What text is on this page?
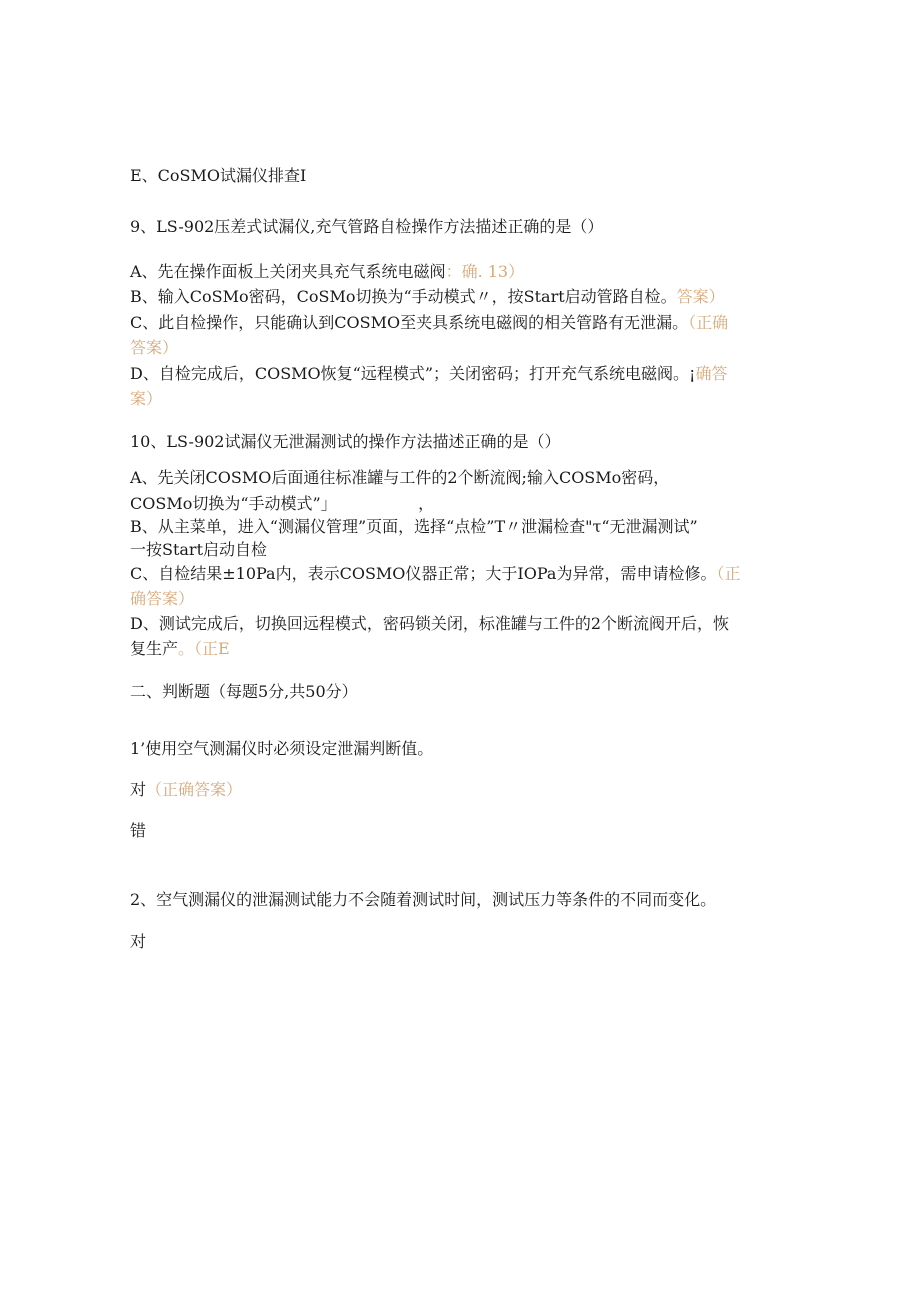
E、CoSMO试漏仪排查I
9、LS-902压差式试漏仪,充气管路自检操作方法描述正确的是（）
A、先在操作面板上关闭夹具充气系统电磁阀：确. 13）
B、输入CoSMo密码，CoSMo切换为“手动模式〃，按Start启动管路自检。答案）
C、此自检操作，只能确认到COSMO至夹具系统电磁阀的相关管路有无泄漏。（正确
答案）
D、自检完成后，COSMO恢复“远程模式”；关闭密码；打开充气系统电磁阀。¡确答
案）
10、LS-902试漏仪无泄漏测试的操作方法描述正确的是（）
A、先关闭COSMO后面通往标准罐与工件的2个断流阀;输入COSMo密码，
COSMo切换为“手动模式”」                ，
B、从主菜单，进入“测漏仪管理”页面，选择“点检”T〃泄漏检查"τ“无泄漏测试”
一按Start启动自检
C、自检结果±10Pa内，表示COSMO仪器正常；大于IOPa为异常，需申请检修。（正
确答案）
D、测试完成后，切换回远程模式，密码锁关闭，标准罐与工件的2个断流阀开后，恢
复生产。（正E
二、判断题（每题5分,共50分）
1’使用空气测漏仪时必须设定泄漏判断值。
对（正确答案）
错
2、空气测漏仪的泄漏测试能力不会随着测试时间，测试压力等条件的不同而变化。
对
